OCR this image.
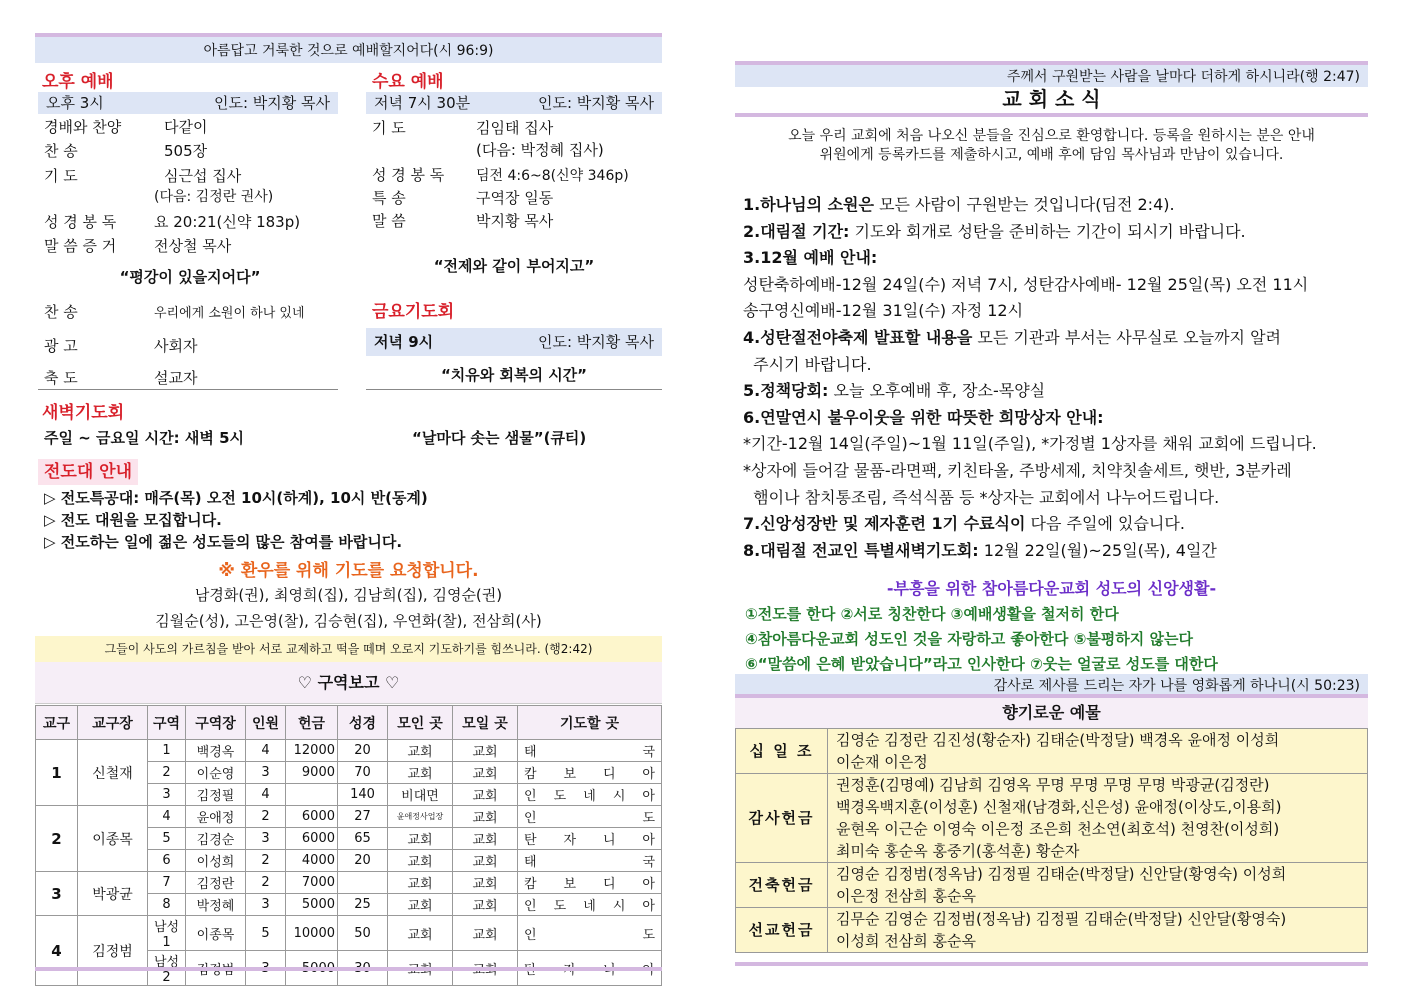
아름답고 거룩한 것으로 예배할지어다(시 96:9)
오후 예배
오후 3시	인도: 박지황 목사
경배와 찬양	다같이
찬 송	505장
기 도	심근섭 집사
(다음: 김정란 권사)
성 경 봉 독	요 20:21(신약 183p)
말 씀 증 거	전상철 목사
“평강이 있을지어다”
찬 송	우리에게 소원이 하나 있네
광 고	사회자
축 도	설교자
수요 예배
저녁 7시 30분	인도: 박지황 목사
기 도	김임태 집사
(다음: 박정혜 집사)
성 경 봉 독 딤전 4:6~8(신약 346p)
특 송	구역장 일동
말 씀	박지황 목사
“전제와 같이 부어지고”
금요기도회
저녁 9시	인도: 박지황 목사
“치유와 회복의 시간”
새벽기도회
주일 ~ 금요일 시간: 새벽 5시	“날마다 솟는 샘물”(큐티)
전도대 안내
▷ 전도특공대: 매주(목) 오전 10시(하계), 10시 반(동계)
▷ 전도 대원을 모집합니다.
▷ 전도하는 일에 젊은 성도들의 많은 참여를 바랍니다.
※ 환우를 위해 기도를 요청합니다.
남경화(권), 최영희(집), 김남희(집), 김영순(권)
김월순(성), 고은영(찰), 김승현(집), 우연화(찰), 전삼희(사)
그들이 사도의 가르침을 받아 서로 교제하고 떡을 떼며 오로지 기도하기를 힘쓰니라. (행2:42)
♡ 구역보고 ♡
교구	교구장	구역	구역장	인원	헌금	성경	모인 곳	모일 곳	기도할 곳
1	신철재	1	백경옥	4	12000	20	교회	교회	태 국
		2	이순영	3	9000	70	교회	교회	캄 보 디 아
		3	김정필	4		140	비대면	교회	인 도 네 시 아
2	이종목	4	윤애정	2	6000	27	윤애정사업장	교회	인 도
		5	김경순	3	6000	65	교회	교회	탄 자 니 아
		6	이성희	2	4000	20	교회	교회	태 국
3	박광균	7	김정란	2	7000		교회	교회	캄 보 디 아
		8	박정혜	3	5000	25	교회	교회	인 도 네 시 아
4	김정범	남성1	이종목	5	10000	50	교회	교회	인 도
		남성2	김정범	3	5000	30	교회	교회	탄 자 니 아
주께서 구원받는 사람을 날마다 더하게 하시니라(행 2:47)
교 회 소 식
오늘 우리 교회에 처음 나오신 분들을 진심으로 환영합니다. 등록을 원하시는 분은 안내
위원에게 등록카드를 제출하시고, 예배 후에 담임 목사님과 만남이 있습니다.
1.하나님의 소원은 모든 사람이 구원받는 것입니다(딤전 2:4).
2.대림절 기간: 기도와 회개로 성탄을 준비하는 기간이 되시기 바랍니다.
3.12월 예배 안내:
성탄축하예배-12월 24일(수) 저녁 7시, 성탄감사예배- 12월 25일(목) 오전 11시
송구영신예배-12월 31일(수) 자정 12시
4.성탄절전야축제 발표할 내용을 모든 기관과 부서는 사무실로 오늘까지 알려
주시기 바랍니다.
5.정책당회: 오늘 오후예배 후, 장소-목양실
6.연말연시 불우이웃을 위한 따뜻한 희망상자 안내:
*기간-12월 14일(주일)~1월 11일(주일), *가정별 1상자를 채워 교회에 드립니다.
*상자에 들어갈 물품-라면팩, 키친타올, 주방세제, 치약칫솔세트, 햇반, 3분카레
햄이나 참치통조림, 즉석식품 등 *상자는 교회에서 나누어드립니다.
7.신앙성장반 및 제자훈련 1기 수료식이 다음 주일에 있습니다.
8.대림절 전교인 특별새벽기도회: 12월 22일(월)~25일(목), 4일간
-부흥을 위한 참아름다운교회 성도의 신앙생활-
①전도를 한다 ②서로 칭찬한다 ③예배생활을 철저히 한다
④참아름다운교회 성도인 것을 자랑하고 좋아한다 ⑤불평하지 않는다
⑥“말씀에 은혜 받았습니다”라고 인사한다 ⑦웃는 얼굴로 성도를 대한다
감사로 제사를 드리는 자가 나를 영화롭게 하나니(시 50:23)
향기로운 예물
십 일 조	김영순 김정란 김진성(황순자) 김태순(박정달) 백경옥 윤애정 이성희
이순재 이은정

감사헌금	권정훈(김명예) 김남희 김영옥 무명 무명 무명 무명 박광균(김정란)
백경옥백지훈(이성훈) 신철재(남경화,신은성) 윤애정(이상도,이용희)
윤현옥 이근순 이영숙 이은정 조은희 천소연(최호석) 천영찬(이성희)
최미숙 홍순옥 홍중기(홍석훈) 황순자

건축헌금	김영순 김정범(정옥남) 김정필 김태순(박정달) 신안달(황영숙) 이성희
이은정 전삼희 홍순옥

선교헌금	김무순 김영순 김정범(정옥남) 김정필 김태순(박정달) 신안달(황영숙)
이성희 전삼희 홍순옥
